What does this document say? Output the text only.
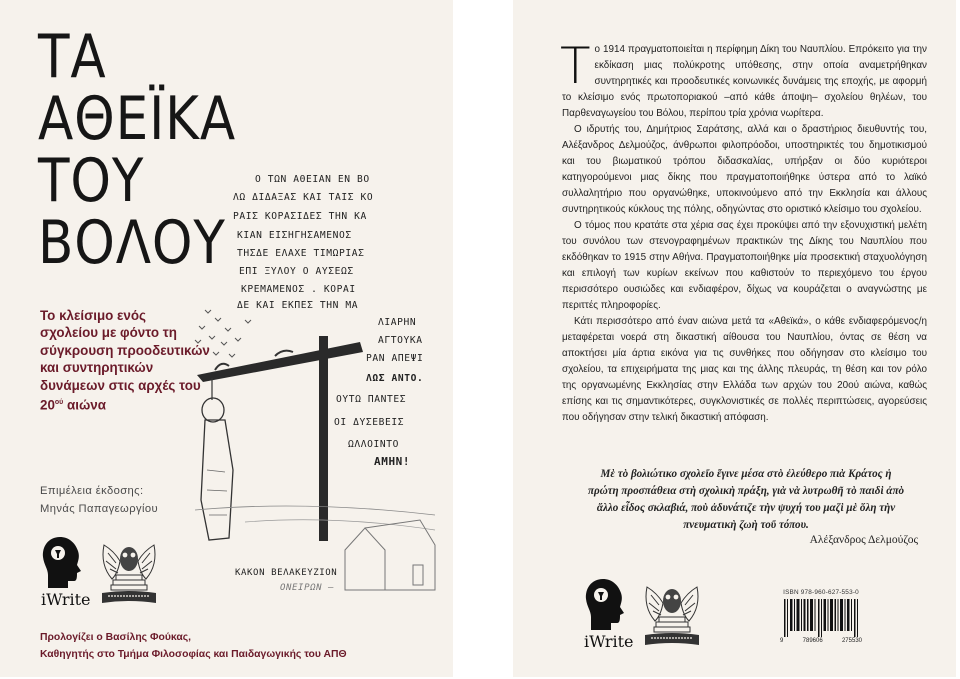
ΤΑ
ΑΘΕΪΚΑ
ΤΟΥ
ΒΟΛΟΥ
Το κλείσιμο ενός
σχολείου με φόντο τη
σύγκρουση προοδευτικών
και συντηρητικών
δυνάμεων στις αρχές του
$20^{oύ}$ αιώνα
Ο ΤΩΝ ΑΘΕΙΑΝ ΕΝ ΒΟ
ΛΩ ΔΙΔΑΞΑΣ ΚΑΙ ΤΑΙΣ ΚΟ
ΡΑΙΣ ΚΟΡΑΣΙΔΕΣ ΤΗΝ ΚΑ
ΚΙΑΝ ΕΙΣΗΓΗΣΑΜΕΝΟΣ
ΤΗΣΔΕ ΕΛΑΧΕ ΤΙΜΩΡΙΑΣ
ΕΠΙ ΞΥΛΟΥ Ο ΑΥΣΕΩΣ
ΚΡΕΜΑΜΕΝΟΣ . ΚΟΡΑΙ
ΔΕ ΚΑΙ ΕΚΠΕΣ ΤΗΝ ΜΑ
ΛΙΑΡΗΝ
ΑΓΤΟΥΚΑ
ΡΑΝ ΑΠΕΨΙ
ΛΩΣ ΑΝΤΟ.
ΟΥΤΩ ΠΑΝΤΕΣ
ΟΙ ΔΥΣΕΒΕΙΣ
ΩΛΛΟΙΝΤΟ
ΑΜΗΝ!
ΚΑΚΟΝ ΒΕΛΑΚΕΥΖΙΟΝ
ΟΝΕΙΡΩΝ —
Επιμέλεια έκδοσης:
Μηνάς Παπαγεωργίου
iWrite
Προλογίζει ο Βασίλης Φούκας,
Καθηγητής στο Τμήμα Φιλοσοφίας και Παιδαγωγικής του ΑΠΘ

Το 1914 πραγματοποιείται η περίφημη Δίκη του Ναυπλίου. Επρόκειτο για την εκδίκαση μιας πολύκροτης υπόθεσης, στην οποία αναμετρήθηκαν συντηρητικές και προοδευτικές κοινωνικές δυνάμεις της εποχής, με αφορμή το κλείσιμο ενός πρωτοποριακού –από κάθε άποψη– σχολείου θηλέων, του Παρθεναγωγείου του Βόλου, περίπου τρία χρόνια νωρίτερα.

Ο ιδρυτής του, Δημήτριος Σαράτσης, αλλά και ο δραστήριος διευθυντής του, Αλέξανδρος Δελμούζος, άνθρωποι φιλοπρόοδοι, υποστηρικτές του δημοτικισμού και του βιωματικού τρόπου διδασκαλίας, υπήρξαν οι δύο κυριότεροι κατηγορούμενοι μιας δίκης που πραγματοποιήθηκε ύστερα από το λαϊκό συλλαλητήριο που οργανώθηκε, υποκινούμενο από την Εκκλησία και άλλους συντηρητικούς κύκλους της πόλης, οδηγώντας στο οριστικό κλείσιμο του σχολείου.

Ο τόμος που κρατάτε στα χέρια σας έχει προκύψει από την εξονυχιστική μελέτη του συνόλου των στενογραφημένων πρακτικών της Δίκης του Ναυπλίου που εκδόθηκαν το 1915 στην Αθήνα. Πραγματοποιήθηκε μία προσεκτική σταχυολόγηση και επιλογή των κυρίων εκείνων που καθιστούν το περιεχόμενο του έργου περισσότερο ουσιώδες και ενδιαφέρον, δίχως να κουράζεται ο αναγνώστης με περιττές πληροφορίες.

Κάτι περισσότερο από έναν αιώνα μετά τα «Αθεϊκά», ο κάθε ενδιαφερόμενος/η μεταφέρεται νοερά στη δικαστική αίθουσα του Ναυπλίου, όντας σε θέση να αποκτήσει μία άρτια εικόνα για τις συνθήκες που οδήγησαν στο κλείσιμο του σχολείου, τα επιχειρήματα της μιας και της άλλης πλευράς, τη θέση και τον ρόλο της οργανωμένης Εκκλησίας στην Ελλάδα των αρχών του 20ού αιώνα, καθώς επίσης και τις σημαντικότερες, συγκλονιστικές σε πολλές περιπτώσεις, αγορεύσεις που οδήγησαν στην τελική δικαστική απόφαση.

Μὲ τὸ βολιώτικο σχολεῖο ἔγινε μέσα στὸ ἐλεύθερο πιὰ Κράτος ἡ πρώτη προσπάθεια στὴ σχολικὴ πράξη, γιὰ νὰ λυτρωθῆ τὸ παιδὶ ἀπὸ ἄλλο εἶδος σκλαβιά, ποὺ ἀδυνάτιζε τὴν ψυχή του μαζὶ μὲ ὅλη τὴν πνευματικὴ ζωὴ τοῦ τόπου.
Αλέξανδρος Δελμούζος
iWrite
ISBN 978-960-627-553-0
9	789606	275530
